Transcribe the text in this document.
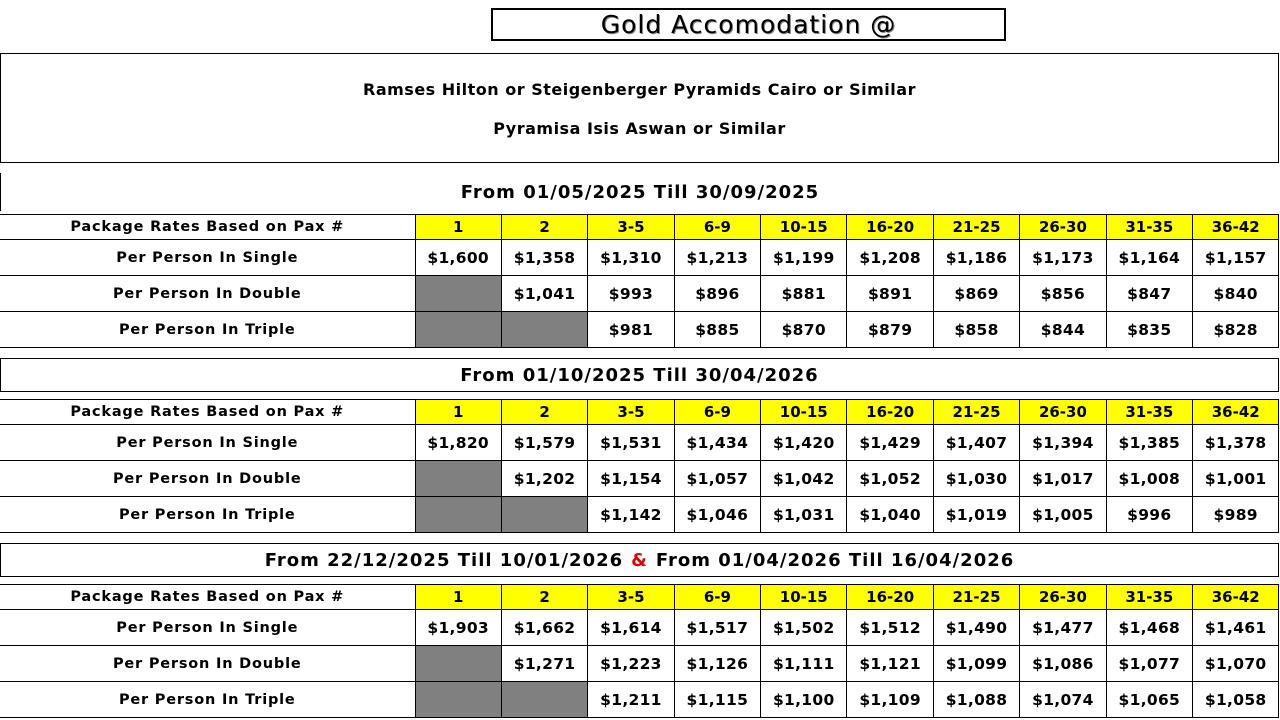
Gold Accomodation @
Ramses Hilton or Steigenberger Pyramids Cairo or Similar
Pyramisa Isis Aswan or Similar
From 01/05/2025 Till 30/09/2025
Package Rates Based on Pax #	1	2	3-5	6-9	10-15	16-20	21-25	26-30	31-35	36-42
Per Person In Single	$1,600	$1,358	$1,310	$1,213	$1,199	$1,208	$1,186	$1,173	$1,164	$1,157
Per Person In Double		$1,041	$993	$896	$881	$891	$869	$856	$847	$840
Per Person In Triple			$981	$885	$870	$879	$858	$844	$835	$828
From 01/10/2025 Till 30/04/2026
Package Rates Based on Pax #	1	2	3-5	6-9	10-15	16-20	21-25	26-30	31-35	36-42
Per Person In Single	$1,820	$1,579	$1,531	$1,434	$1,420	$1,429	$1,407	$1,394	$1,385	$1,378
Per Person In Double		$1,202	$1,154	$1,057	$1,042	$1,052	$1,030	$1,017	$1,008	$1,001
Per Person In Triple			$1,142	$1,046	$1,031	$1,040	$1,019	$1,005	$996	$989
From 22/12/2025 Till 10/01/2026 & From 01/04/2026 Till 16/04/2026
Package Rates Based on Pax #	1	2	3-5	6-9	10-15	16-20	21-25	26-30	31-35	36-42
Per Person In Single	$1,903	$1,662	$1,614	$1,517	$1,502	$1,512	$1,490	$1,477	$1,468	$1,461
Per Person In Double		$1,271	$1,223	$1,126	$1,111	$1,121	$1,099	$1,086	$1,077	$1,070
Per Person In Triple			$1,211	$1,115	$1,100	$1,109	$1,088	$1,074	$1,065	$1,058
